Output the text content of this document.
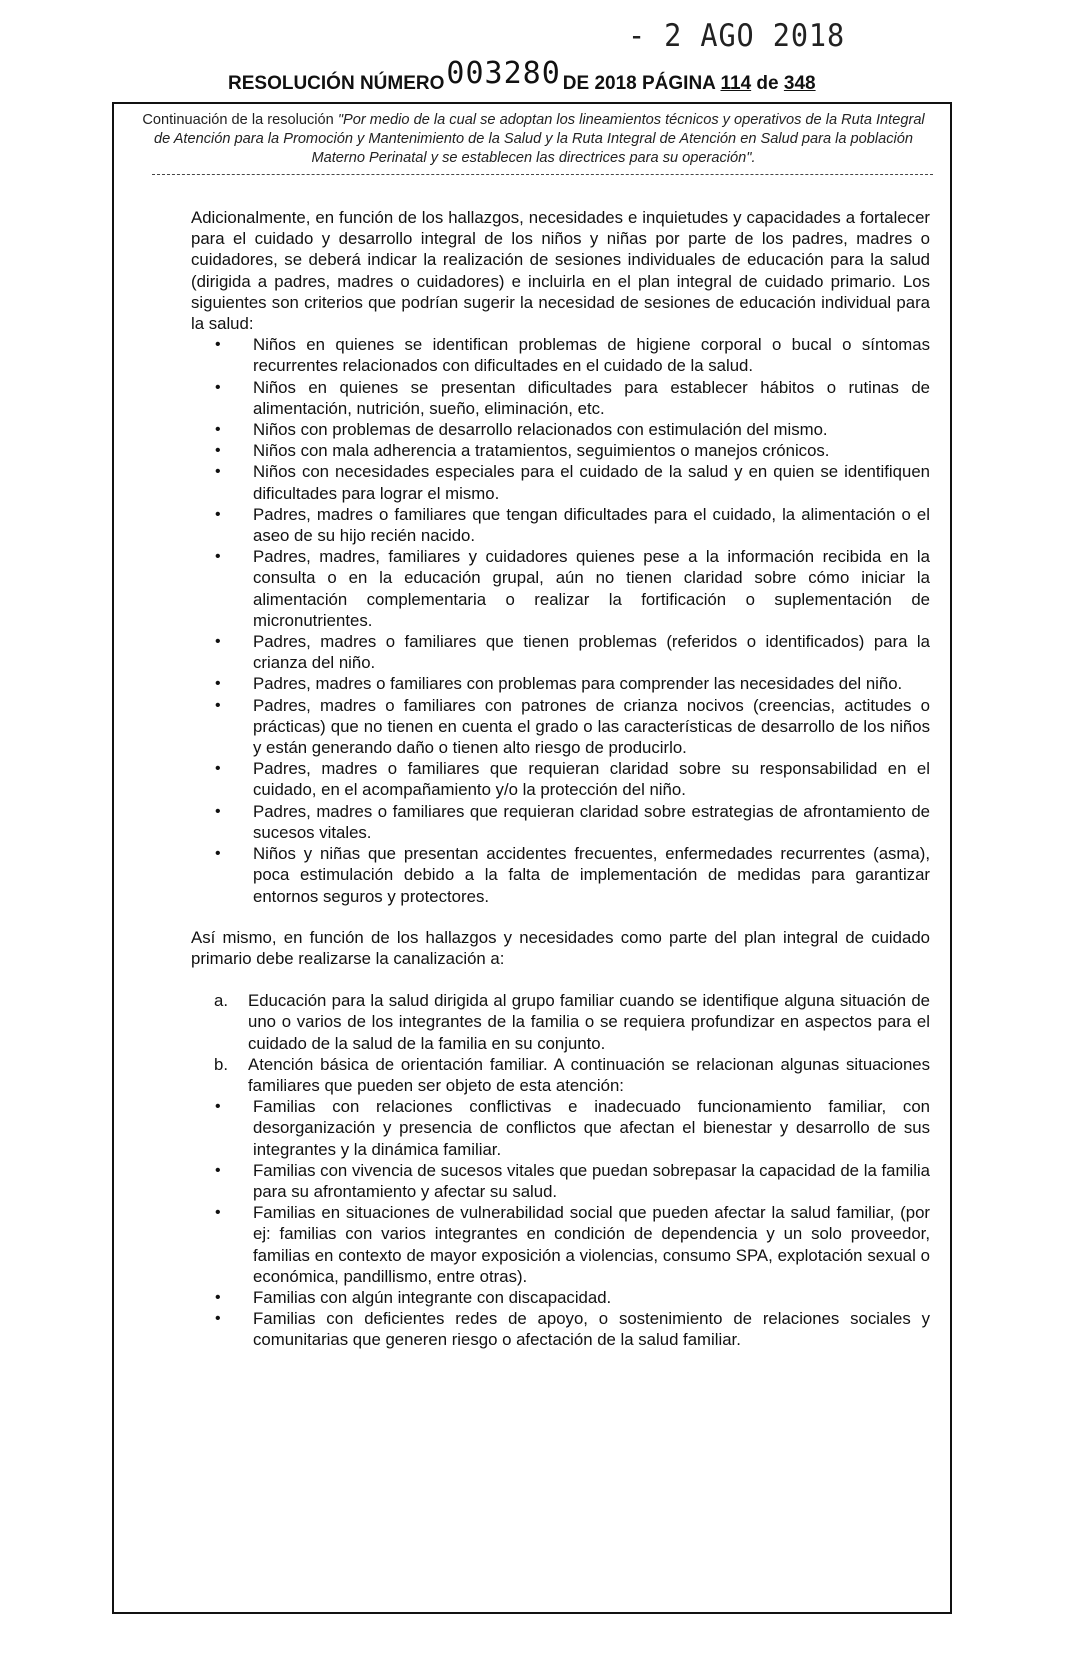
- 2 AGO 2018
RESOLUCIÓN NÚMERO003280 DE 2018 PÁGINA 114 de 348
Continuación de la resolución "Por medio de la cual se adoptan los lineamientos técnicos y operativos de la Ruta Integral de Atención para la Promoción y Mantenimiento de la Salud y la Ruta Integral de Atención en Salud para la población Materno Perinatal y se establecen las directrices para su operación".

Adicionalmente, en función de los hallazgos, necesidades e inquietudes y capacidades a fortalecer para el cuidado y desarrollo integral de los niños y niñas por parte de los padres, madres o cuidadores, se deberá indicar la realización de sesiones individuales de educación para la salud (dirigida a padres, madres o cuidadores) e incluirla en el plan integral de cuidado primario. Los siguientes son criterios que podrían sugerir la necesidad de sesiones de educación individual para la salud:

• Niños en quienes se identifican problemas de higiene corporal o bucal o síntomas recurrentes relacionados con dificultades en el cuidado de la salud.
• Niños en quienes se presentan dificultades para establecer hábitos o rutinas de alimentación, nutrición, sueño, eliminación, etc.
• Niños con problemas de desarrollo relacionados con estimulación del mismo.
• Niños con mala adherencia a tratamientos, seguimientos o manejos crónicos.
• Niños con necesidades especiales para el cuidado de la salud y en quien se identifiquen dificultades para lograr el mismo.
• Padres, madres o familiares que tengan dificultades para el cuidado, la alimentación o el aseo de su hijo recién nacido.
• Padres, madres, familiares y cuidadores quienes pese a la información recibida en la consulta o en la educación grupal, aún no tienen claridad sobre cómo iniciar la alimentación complementaria o realizar la fortificación o suplementación de micronutrientes.
• Padres, madres o familiares que tienen problemas (referidos o identificados) para la crianza del niño.
• Padres, madres o familiares con problemas para comprender las necesidades del niño.
• Padres, madres o familiares con patrones de crianza nocivos (creencias, actitudes o prácticas) que no tienen en cuenta el grado o las características de desarrollo de los niños y están generando daño o tienen alto riesgo de producirlo.
• Padres, madres o familiares que requieran claridad sobre su responsabilidad en el cuidado, en el acompañamiento y/o la protección del niño.
• Padres, madres o familiares que requieran claridad sobre estrategias de afrontamiento de sucesos vitales.
• Niños y niñas que presentan accidentes frecuentes, enfermedades recurrentes (asma), poca estimulación debido a la falta de implementación de medidas para garantizar entornos seguros y protectores.

Así mismo, en función de los hallazgos y necesidades como parte del plan integral de cuidado primario debe realizarse la canalización a:

a. Educación para la salud dirigida al grupo familiar cuando se identifique alguna situación de uno o varios de los integrantes de la familia o se requiera profundizar en aspectos para el cuidado de la salud de la familia en su conjunto.
b. Atención básica de orientación familiar. A continuación se relacionan algunas situaciones familiares que pueden ser objeto de esta atención:
• Familias con relaciones conflictivas e inadecuado funcionamiento familiar, con desorganización y presencia de conflictos que afectan el bienestar y desarrollo de sus integrantes y la dinámica familiar.
• Familias con vivencia de sucesos vitales que puedan sobrepasar la capacidad de la familia para su afrontamiento y afectar su salud.
• Familias en situaciones de vulnerabilidad social que pueden afectar la salud familiar, (por ej: familias con varios integrantes en condición de dependencia y un solo proveedor, familias en contexto de mayor exposición a violencias, consumo SPA, explotación sexual o económica, pandillismo, entre otras).
• Familias con algún integrante con discapacidad.
• Familias con deficientes redes de apoyo, o sostenimiento de relaciones sociales y comunitarias que generen riesgo o afectación de la salud familiar.
